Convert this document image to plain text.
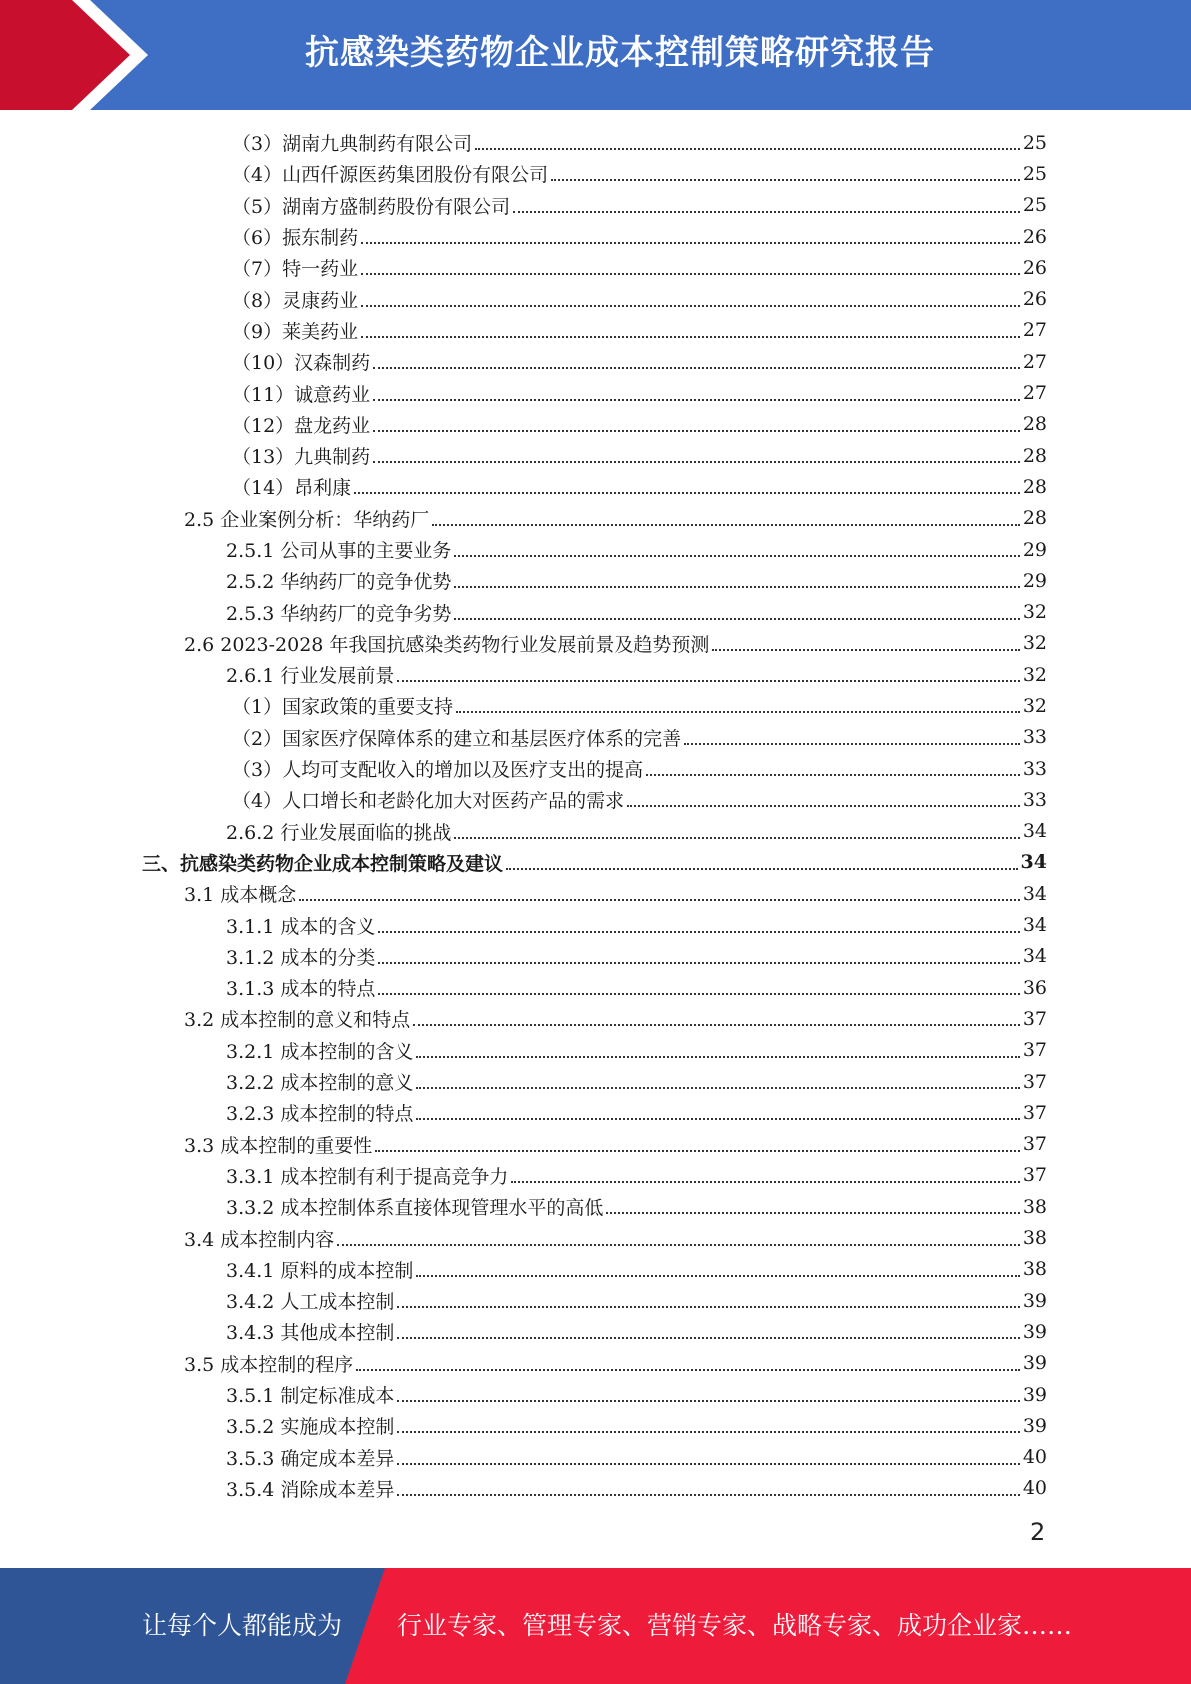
抗感染类药物企业成本控制策略研究报告
（3）湖南九典制药有限公司	25
（4）山西仟源医药集团股份有限公司	25
（5）湖南方盛制药股份有限公司	25
（6）振东制药	26
（7）特一药业	26
（8）灵康药业	26
（9）莱美药业	27
（10）汉森制药	27
（11）诚意药业	27
（12）盘龙药业	28
（13）九典制药	28
（14）昂利康	28
2.5 企业案例分析：华纳药厂	28
2.5.1 公司从事的主要业务	29
2.5.2 华纳药厂的竞争优势	29
2.5.3 华纳药厂的竞争劣势	32
2.6 2023-2028 年我国抗感染类药物行业发展前景及趋势预测	32
2.6.1 行业发展前景	32
（1）国家政策的重要支持	32
（2）国家医疗保障体系的建立和基层医疗体系的完善	33
（3）人均可支配收入的增加以及医疗支出的提高	33
（4）人口增长和老龄化加大对医药产品的需求	33
2.6.2 行业发展面临的挑战	34
三、抗感染类药物企业成本控制策略及建议	34
3.1 成本概念	34
3.1.1 成本的含义	34
3.1.2 成本的分类	34
3.1.3 成本的特点	36
3.2 成本控制的意义和特点	37
3.2.1 成本控制的含义	37
3.2.2 成本控制的意义	37
3.2.3 成本控制的特点	37
3.3 成本控制的重要性	37
3.3.1 成本控制有利于提高竞争力	37
3.3.2 成本控制体系直接体现管理水平的高低	38
3.4 成本控制内容	38
3.4.1 原料的成本控制	38
3.4.2 人工成本控制	39
3.4.3 其他成本控制	39
3.5 成本控制的程序	39
3.5.1 制定标准成本	39
3.5.2 实施成本控制	39
3.5.3 确定成本差异	40
3.5.4 消除成本差异	40
2
让每个人都能成为 行业专家、管理专家、营销专家、战略专家、成功企业家……
